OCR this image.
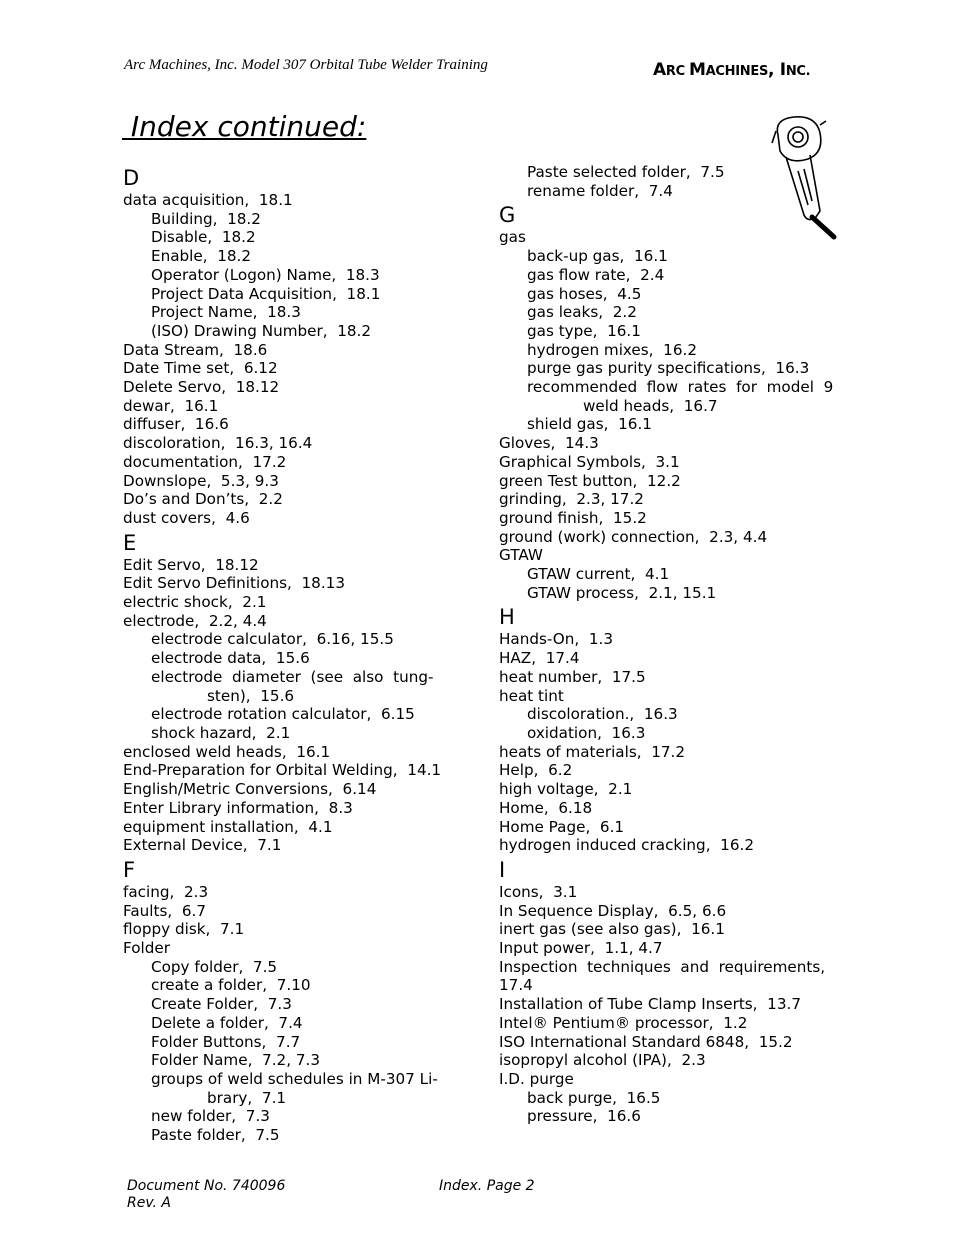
Arc Machines, Inc. Model 307 Orbital Tube Welder Training	ARC MACHINES, INC.
Index continued:
D
data acquisition,  18.1
Building,  18.2
Disable,  18.2
Enable,  18.2
Operator (Logon) Name,  18.3
Project Data Acquisition,  18.1
Project Name,  18.3
(ISO) Drawing Number,  18.2
Data Stream,  18.6
Date Time set,  6.12
Delete Servo,  18.12
dewar,  16.1
diffuser,  16.6
discoloration,  16.3, 16.4
documentation,  17.2
Downslope,  5.3, 9.3
Do’s and Don’ts,  2.2
dust covers,  4.6
E
Edit Servo,  18.12
Edit Servo Definitions,  18.13
electric shock,  2.1
electrode,  2.2, 4.4
electrode calculator,  6.16, 15.5
electrode data,  15.6
electrode  diameter  (see  also  tung-
sten),  15.6
electrode rotation calculator,  6.15
shock hazard,  2.1
enclosed weld heads,  16.1
End-Preparation for Orbital Welding,  14.1
English/Metric Conversions,  6.14
Enter Library information,  8.3
equipment installation,  4.1
External Device,  7.1
F
facing,  2.3
Faults,  6.7
floppy disk,  7.1
Folder
Copy folder,  7.5
create a folder,  7.10
Create Folder,  7.3
Delete a folder,  7.4
Folder Buttons,  7.7
Folder Name,  7.2, 7.3
groups of weld schedules in M-307 Li-
brary,  7.1
new folder,  7.3
Paste folder,  7.5
Paste selected folder,  7.5
rename folder,  7.4
G
gas
back-up gas,  16.1
gas flow rate,  2.4
gas hoses,  4.5
gas leaks,  2.2
gas type,  16.1
hydrogen mixes,  16.2
purge gas purity specifications,  16.3
recommended  flow  rates  for  model  9
weld heads,  16.7
shield gas,  16.1
Gloves,  14.3
Graphical Symbols,  3.1
green Test button,  12.2
grinding,  2.3, 17.2
ground finish,  15.2
ground (work) connection,  2.3, 4.4
GTAW
GTAW current,  4.1
GTAW process,  2.1, 15.1
H
Hands-On,  1.3
HAZ,  17.4
heat number,  17.5
heat tint
discoloration.,  16.3
oxidation,  16.3
heats of materials,  17.2
Help,  6.2
high voltage,  2.1
Home,  6.18
Home Page,  6.1
hydrogen induced cracking,  16.2
I
Icons,  3.1
In Sequence Display,  6.5, 6.6
inert gas (see also gas),  16.1
Input power,  1.1, 4.7
Inspection  techniques  and  requirements,
17.4
Installation of Tube Clamp Inserts,  13.7
Intel® Pentium® processor,  1.2
ISO International Standard 6848,  15.2
isopropyl alcohol (IPA),  2.3
I.D. purge
back purge,  16.5
pressure,  16.6
Document No. 740096
Rev. A
Index. Page 2
